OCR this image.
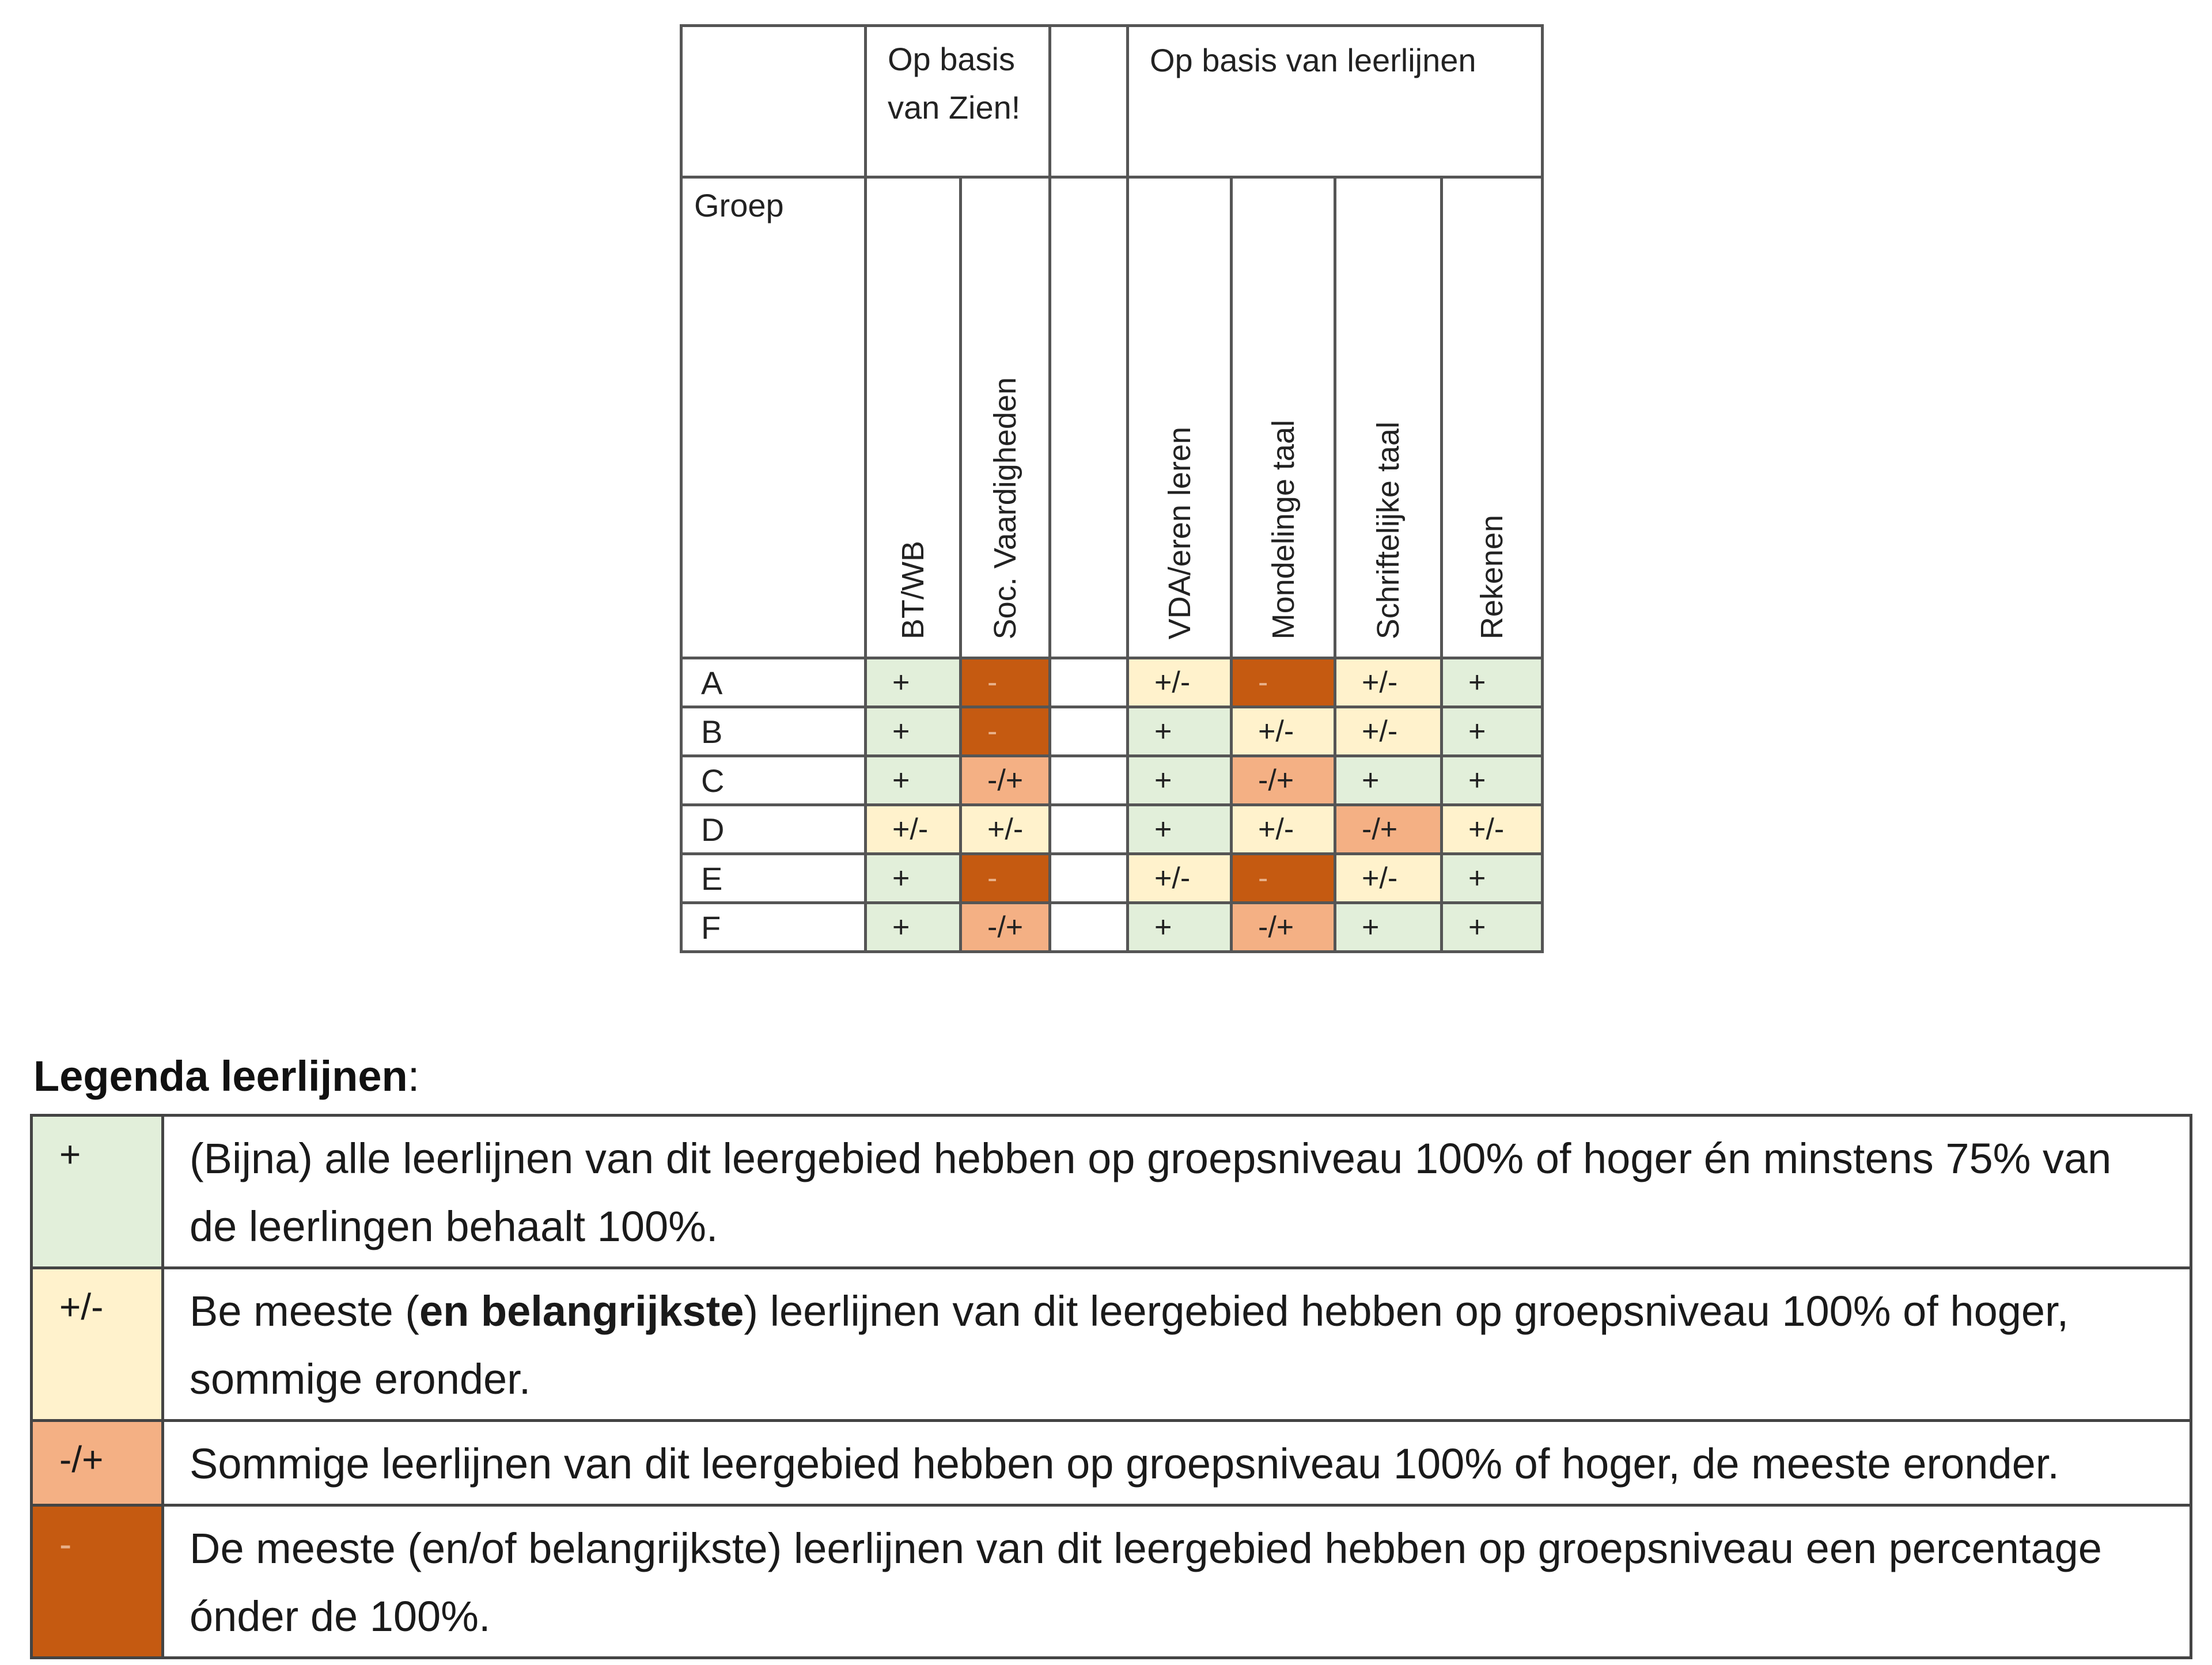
	Op basis van Zien!			Op basis van leerlijnen			
Groep	BT/WB	Soc. Vaardigheden		VDA/eren leren	Mondelinge taal	Schriftelijke taal	Rekenen

A	+	-		+/-	-	+/-	+
B	+	-		+	+/-	+/-	+
C	+	-/+		+	-/+	+	+
D	+/-	+/-		+	+/-	-/+	+/-
E	+	-		+/-	-	+/-	+
F	+	-/+		+	-/+	+	+
Legenda leerlijnen:
+	(Bijna) alle leerlijnen van dit leergebied hebben op groepsniveau 100% of hoger én minstens 75% van de leerlingen behaalt 100%.
+/-	Be meeste (en belangrijkste) leerlijnen van dit leergebied hebben op groepsniveau 100% of hoger, sommige eronder.
-/+	Sommige leerlijnen van dit leergebied hebben op groepsniveau 100% of hoger, de meeste eronder.
-	De meeste (en/of belangrijkste) leerlijnen van dit leergebied hebben op groepsniveau een percentage ónder de 100%.
